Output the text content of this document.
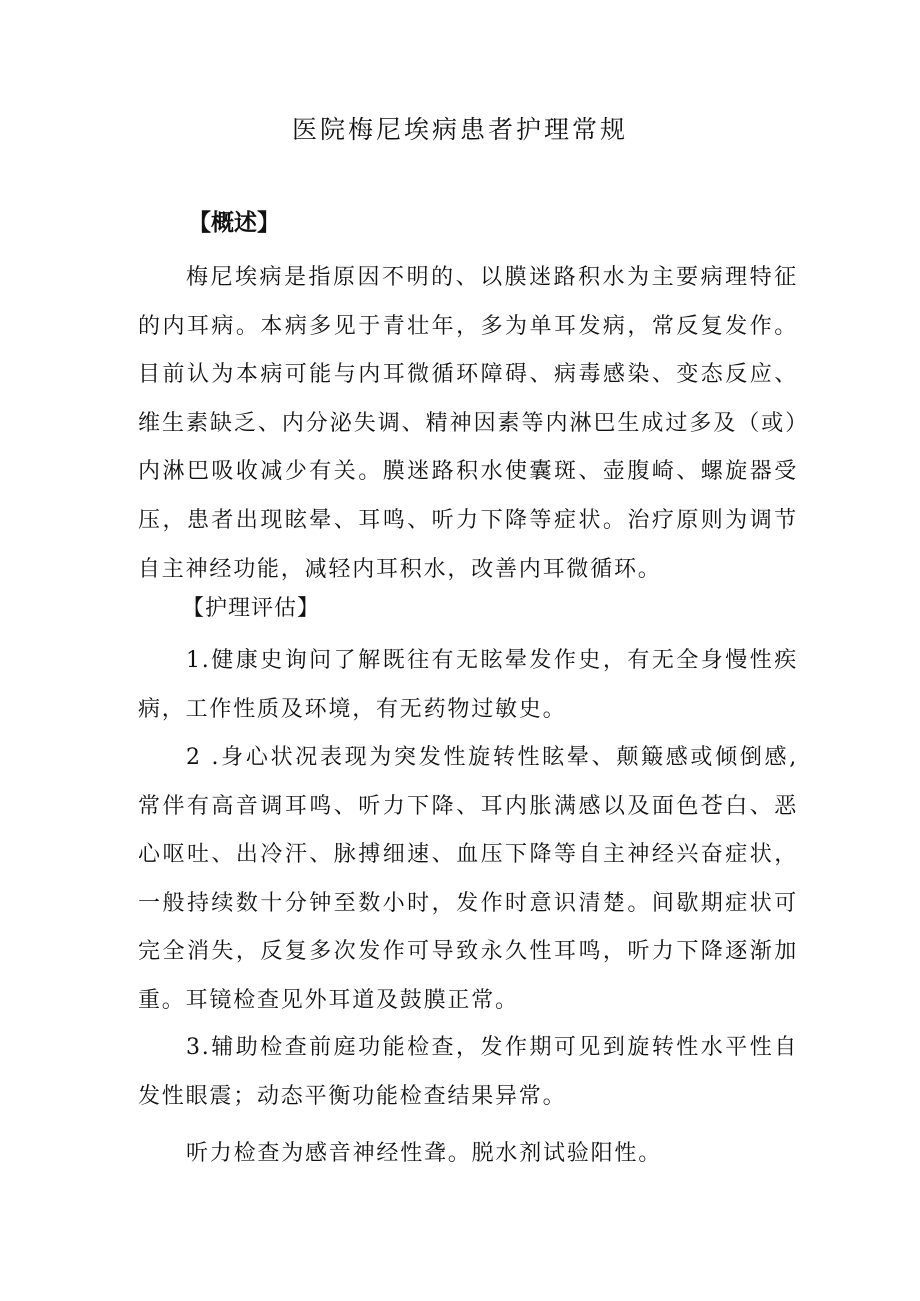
医院梅尼埃病患者护理常规
【概述】

梅尼埃病是指原因不明的、以膜迷路积水为主要病理特征的内耳病。本病多见于青壮年，多为单耳发病，常反复发作。目前认为本病可能与内耳微循环障碍、病毒感染、变态反应、维生素缺乏、内分泌失调、精神因素等内淋巴生成过多及（或）内淋巴吸收减少有关。膜迷路积水使囊斑、壶腹崎、螺旋器受压，患者出现眩晕、耳鸣、听力下降等症状。治疗原则为调节自主神经功能，减轻内耳积水，改善内耳微循环。

【护理评估】

1.健康史询问了解既往有无眩晕发作史，有无全身慢性疾病，工作性质及环境，有无药物过敏史。

2 .身心状况表现为突发性旋转性眩晕、颠簸感或倾倒感,常伴有高音调耳鸣、听力下降、耳内胀满感以及面色苍白、恶心呕吐、出冷汗、脉搏细速、血压下降等自主神经兴奋症状，一般持续数十分钟至数小时，发作时意识清楚。间歇期症状可完全消失，反复多次发作可导致永久性耳鸣，听力下降逐渐加重。耳镜检查见外耳道及鼓膜正常。

3.辅助检查前庭功能检查，发作期可见到旋转性水平性自发性眼震；动态平衡功能检查结果异常。

听力检查为感音神经性聋。脱水剂试验阳性。
